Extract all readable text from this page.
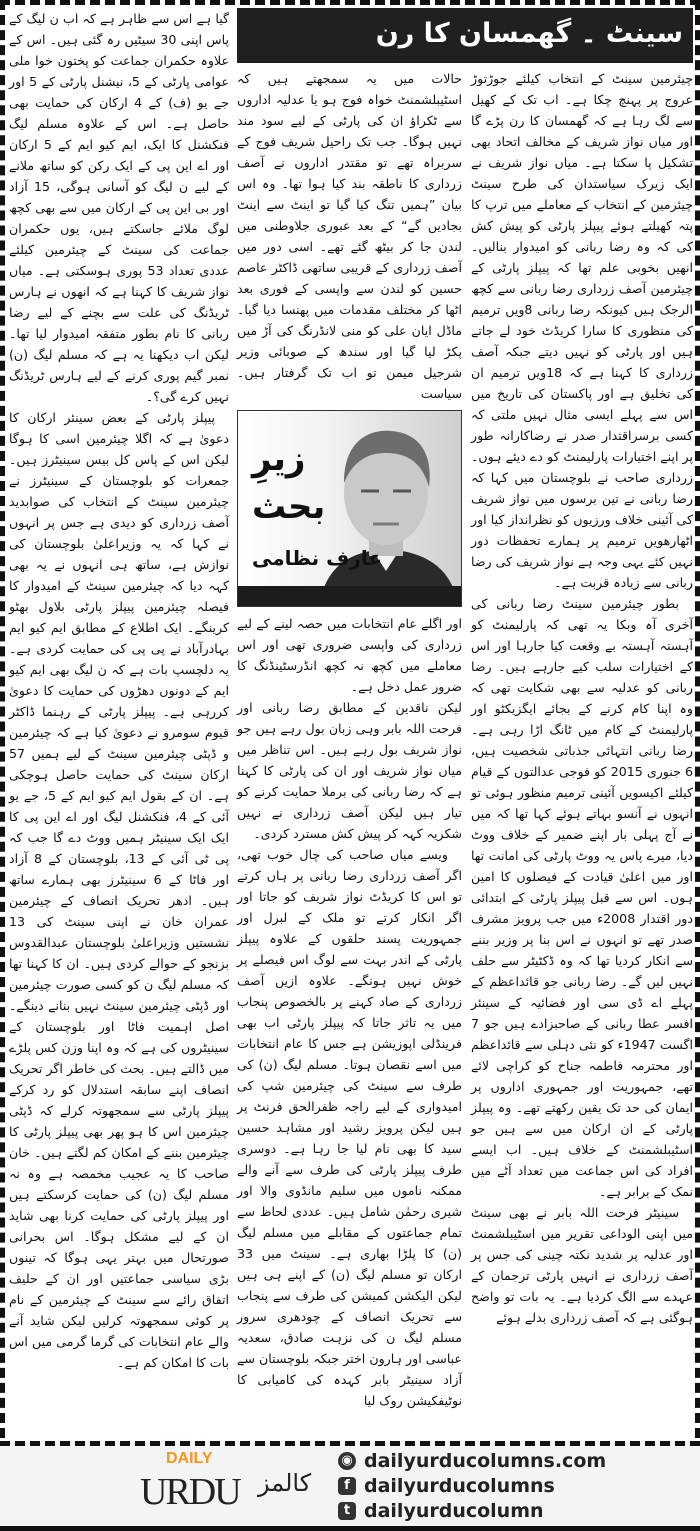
گیا ہے اس سے ظاہر ہے کہ اب ن لیگ کے پاس اپنی 30 سیٹیں رہ گئی ہیں۔ اس کے علاوہ حکمران جماعت کو پختون خوا ملی عوامی پارٹی کے 5، نیشنل پارٹی کے 5 اور جے یو (ف) کے 4 ارکان کی حمایت بھی حاصل ہے۔ اس کے علاوہ مسلم لیگ فنکشنل کا ایک، ایم کیو ایم کے 5 ارکان اور اے این پی کے ایک رکن کو ساتھ ملانے کے لیے ن لیگ کو آسانی ہوگی، 15 آزاد اور بی این پی کے ارکان میں سے بھی کچھ لوگ ملائے جاسکتے ہیں، یوں حکمران جماعت کی سینٹ کے چیئرمین کیلئے عددی تعداد 53 پوری ہوسکتی ہے۔ میاں نواز شریف کا کہنا ہے کہ انھوں نے ہارس ٹریڈنگ کی علت سے بچنے کے لیے رضا ربانی کا نام بطور متفقہ امیدوار لیا تھا۔ لیکن اب دیکھنا یہ ہے کہ مسلم لیگ (ن) نمبر گیم پوری کرنے کے لیے ہارس ٹریڈنگ نہیں کرے گی؟۔

پیپلز پارٹی کے بعض سینئر ارکان کا دعویٰ ہے کہ اگلا چیئرمین اسی کا ہوگا لیکن اس کے پاس کل بیس سینیٹرز ہیں۔ جمعرات کو بلوچستان کے سینیٹرز نے چیئرمین سینٹ کے انتخاب کی صوابدید آصف زرداری کو دیدی ہے جس پر انہوں نے کہا کہ یہ وزیراعلیٰ بلوچستان کی نوازش ہے، ساتھ ہی انہوں نے یہ بھی کہہ دیا کہ چیئرمین سینٹ کے امیدوار کا فیصلہ چیئرمین پیپلز پارٹی بلاول بھٹو کرینگے۔ ایک اطلاع کے مطابق ایم کیو ایم بہادرآباد نے پی پی کی حمایت کردی ہے۔ یہ دلچسپ بات ہے کہ ن لیگ بھی ایم کیو ایم کے دونوں دھڑوں کی حمایت کا دعویٰ کررہی ہے۔ پیپلز پارٹی کے رہنما ڈاکٹر قیوم سومرو نے دعویٰ کیا ہے کہ چیئرمین و ڈپٹی چیئرمین سینٹ کے لیے ہمیں 57 ارکان سینٹ کی حمایت حاصل ہوچکی ہے۔ ان کے بقول ایم کیو ایم کے 5، جے یو آئی کے 4، فنکشنل لیگ اور اے این پی کا ایک ایک سینیٹر ہمیں ووٹ دے گا جب کہ پی ٹی آئی کے 13، بلوچستان کے 8 آزاد اور فاٹا کے 6 سینیٹرز بھی ہمارے ساتھ ہیں۔ ادھر تحریک انصاف کے چیئرمین عمران خان نے اپنی سینٹ کی 13 نشستیں وزیراعلیٰ بلوچستان عبدالقدوس بزنجو کے حوالے کردی ہیں۔ ان کا کہنا تھا کہ مسلم لیگ ن کو کسی صورت چیئرمین اور ڈپٹی چیئرمین سینٹ نہیں بنانے دینگے۔ اصل اہمیت فاٹا اور بلوچستان کے سینیٹروں کی ہے کہ وہ اپنا وزن کس پلڑے میں ڈالتے ہیں۔ بحث کی خاطر اگر تحریک انصاف اپنے سابقہ استدلال کو رد کرکے پیپلز پارٹی سے سمجھوتہ کرلے کہ ڈپٹی چیئرمین اس کا ہو پھر بھی پیپلز پارٹی کا چیئرمین بننے کے امکان کم لگتے ہیں۔ خان صاحب کا یہ عجیب مخمصہ ہے وہ نہ مسلم لیگ (ن) کی حمایت کرسکتے ہیں اور پیپلز پارٹی کی حمایت کرنا بھی شاید ان کے لیے مشکل ہوگا۔ اس بحرانی صورتحال میں بہتر یہی ہوگا کہ تینوں بڑی سیاسی جماعتیں اور ان کے حلیف اتفاق رائے سے سینٹ کے چیئرمین کے نام پر کوئی سمجھوتہ کرلیں لیکن شاید آنے والے عام انتخابات کی گرما گرمی میں اس بات کا امکان کم ہے۔

سینٹ ۔ گھمسان کا رن

حالات میں یہ سمجھتے ہیں کہ اسٹیبلشمنٹ خواہ فوج ہو یا عدلیہ اداروں سے ٹکراؤ ان کی پارٹی کے لیے سود مند نہیں ہوگا۔ جب تک راحیل شریف فوج کے سربراہ تھے تو مقتدر اداروں نے آصف زرداری کا ناطقہ بند کیا ہوا تھا۔ وہ اس بیان ”ہمیں تنگ کیا گیا تو اینٹ سے اینٹ بجادیں گے“ کے بعد عبوری جلاوطنی میں لندن جا کر بیٹھ گئے تھے۔ اسی دور میں آصف زرداری کے قریبی ساتھی ڈاکٹر عاصم حسین کو لندن سے واپسی کے فوری بعد اٹھا کر مختلف مقدمات میں پھنسا دیا گیا۔ ماڈل ایان علی کو منی لانڈرنگ کی آڑ میں پکڑ لیا گیا اور سندھ کے صوبائی وزیر شرجیل میمن تو اب تک گرفتار ہیں۔ سیاست

زیرِ
بحث
عارف نظامی

اور اگلے عام انتخابات میں حصہ لینے کے لیے زرداری کی واپسی ضروری تھی اور اس معاملے میں کچھ نہ کچھ انڈرسٹینڈنگ کا ضرور عمل دخل ہے۔

لیکن ناقدین کے مطابق رضا ربانی اور فرحت اللہ بابر وہی زبان بول رہے ہیں جو نواز شریف بول رہے ہیں۔ اس تناظر میں میاں نواز شریف اور ان کی پارٹی کا کہنا ہے کہ رضا ربانی کی برملا حمایت کرنے کو تیار ہیں لیکن آصف زرداری نے نہیں شکریہ کہہ کر پیش کش مسترد کردی۔

ویسے میاں صاحب کی چال خوب تھی، اگر آصف زرداری رضا ربانی پر ہاں کرتے تو اس کا کریڈٹ نواز شریف کو جاتا اور اگر انکار کرتے تو ملک کے لبرل اور جمہوریت پسند حلقوں کے علاوہ پیپلز پارٹی کے اندر بہت سے لوگ اس فیصلے پر خوش نہیں ہونگے۔ علاوہ ازیں آصف زرداری کے صاد کہنے پر بالخصوص پنجاب میں یہ تاثر جاتا کہ پیپلز پارٹی اب بھی فرینڈلی اپوزیشن ہے جس کا عام انتخابات میں اسے نقصان ہوتا۔ مسلم لیگ (ن) کی طرف سے سینٹ کی چیئرمین شپ کی امیدواری کے لیے راجہ ظفرالحق فرنٹ پر ہیں لیکن پرویز رشید اور مشاہد حسین سید کا بھی نام لیا جا رہا ہے۔ دوسری طرف پیپلز پارٹی کی طرف سے آنے والے ممکنہ ناموں میں سلیم مانڈوی والا اور شیری رحمٰن شامل ہیں۔ عددی لحاظ سے تمام جماعتوں کے مقابلے میں مسلم لیگ (ن) کا پلڑا بھاری ہے۔ سینٹ میں 33 ارکان تو مسلم لیگ (ن) کے اپنے ہی ہیں لیکن الیکشن کمیشن کی طرف سے پنجاب سے تحریک انصاف کے چودھری سرور مسلم لیگ ن کی نزہت صادق، سعدیہ عباسی اور ہارون اختر جبکہ بلوچستان سے آزاد سینیٹر بابر کہدہ کی کامیابی کا نوٹیفکیشن روک لیا

چیئرمین سینٹ کے انتخاب کیلئے جوڑتوڑ عروج پر پہنچ چکا ہے۔ اب تک کے کھیل سے لگ رہا ہے کہ گھمسان کا رن پڑے گا اور میاں نواز شریف کے مخالف اتحاد بھی تشکیل پا سکتا ہے۔ میاں نواز شریف نے ایک زیرک سیاستدان کی طرح سینٹ چیئرمین کے انتخاب کے معاملے میں ترپ کا پتہ کھیلتے ہوئے پیپلز پارٹی کو پیش کش کی کہ وہ رضا ربانی کو امیدوار بنالیں۔ انھیں بخوبی علم تھا کہ پیپلز پارٹی کے چیئرمین آصف زرداری رضا ربانی سے کچھ الرجک ہیں کیونکہ رضا ربانی 8ویں ترمیم کی منظوری کا سارا کریڈٹ خود لے جاتے ہیں اور پارٹی کو نہیں دیتے جبکہ آصف زرداری کا کہنا ہے کہ 18ویں ترمیم ان کی تخلیق ہے اور پاکستان کی تاریخ میں اس سے پہلے ایسی مثال نہیں ملتی کہ کسی برسراقتدار صدر نے رضاکارانہ طور پر اپنے اختیارات پارلیمنٹ کو دے دیئے ہوں۔ زرداری صاحب نے بلوچستان میں کہا کہ رضا ربانی نے تین برسوں میں نواز شریف کی آئینی خلاف ورزیوں کو نظرانداز کیا اور اٹھارھویں ترمیم پر ہمارے تحفظات دور نہیں کئے یہی وجہ ہے نواز شریف کی رضا ربانی سے زیادہ قربت ہے۔

بطور چیئرمین سینٹ رضا ربانی کی آخری آہ وبکا یہ تھی کہ پارلیمنٹ کو آہستہ آہستہ بے وقعت کیا جارہا اور اس کے اختیارات سلب کیے جارہے ہیں۔ رضا ربانی کو عدلیہ سے بھی شکایت تھی کہ وہ اپنا کام کرنے کے بجائے ایگزیکٹو اور پارلیمنٹ کے کام میں ٹانگ اڑا رہی ہے۔ رضا ربانی انتہائی جذباتی شخصیت ہیں، 6 جنوری 2015 کو فوجی عدالتوں کے قیام کیلئے اکیسویں آئینی ترمیم منظور ہوئی تو انہوں نے آنسو بہاتے ہوئے کہا تھا کہ میں نے آج پہلی بار اپنے ضمیر کے خلاف ووٹ دیا، میرے پاس یہ ووٹ پارٹی کی امانت تھا اور میں اعلیٰ قیادت کے فیصلوں کا امین ہوں۔ اس سے قبل پیپلز پارٹی کے ابتدائی دور اقتدار 2008ء میں جب پرویز مشرف صدر تھے تو انہوں نے اس بنا پر وزیر بننے سے انکار کردیا تھا کہ وہ ڈکٹیٹر سے حلف نہیں لیں گے۔ رضا ربانی جو قائداعظم کے پہلے اے ڈی سی اور فضائیہ کے سینئر افسر عطا ربانی کے صاحبزادے ہیں جو 7 اگست 1947ء کو نئی دہلی سے قائداعظم اور محترمہ فاطمہ جناح کو کراچی لائے تھے، جمہوریت اور جمہوری اداروں پر ایمان کی حد تک یقین رکھتے تھے۔ وہ پیپلز پارٹی کے ان ارکان میں سے ہیں جو اسٹیبلشمنٹ کے خلاف ہیں۔ اب ایسے افراد کی اس جماعت میں تعداد آٹے میں نمک کے برابر ہے۔

سینیٹر فرحت اللہ بابر نے بھی سینٹ میں اپنی الوداعی تقریر میں اسٹیبلشمنٹ اور عدلیہ پر شدید نکتہ چینی کی جس پر آصف زرداری نے انہیں پارٹی ترجمان کے عہدے سے الگ کردیا ہے۔ یہ بات تو واضح ہوگئی ہے کہ آصف زرداری بدلے ہوئے

DAILY
URDU کالمز
◉ dailyurducolumns.com
f dailyurducolumns
t dailyurducolumn
